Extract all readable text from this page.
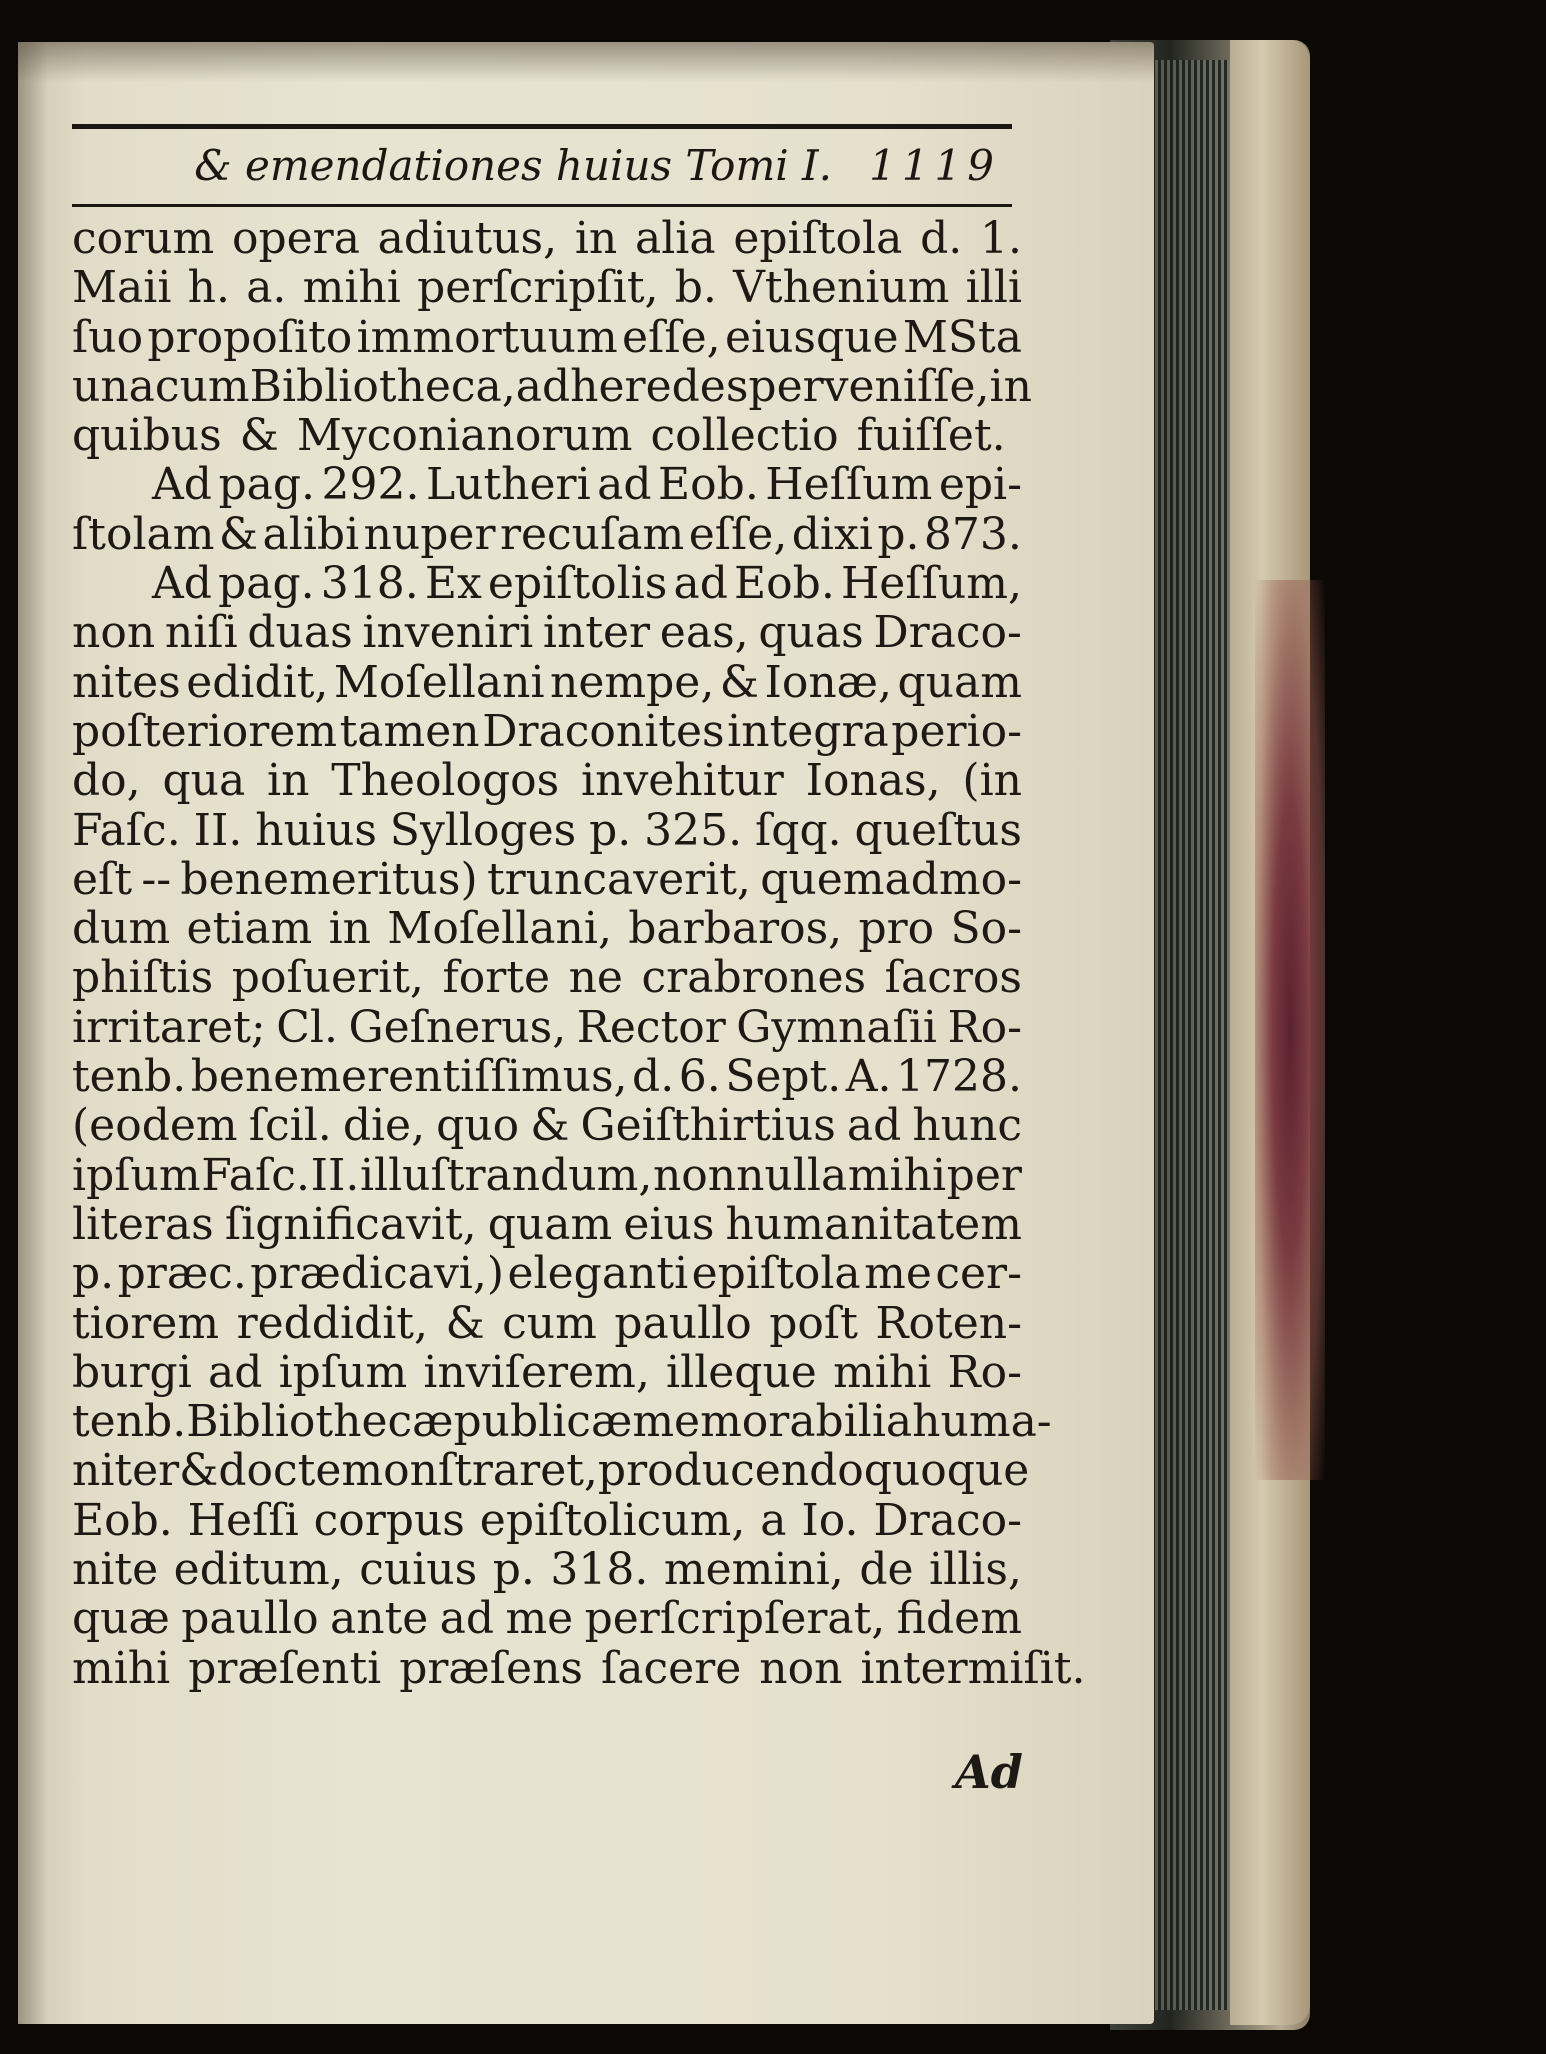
& emendationes huius Tomi I. 1119
corum opera adiutus, in alia epiſtola d. 1.
Maii h. a. mihi perſcripſit, b. Vthenium illi
ſuo propoſito immortuum eſſe, eiusque MSta
una cum Bibliotheca, ad heredes perveniſſe, in
quibus & Myconianorum collectio fuiſſet.
Ad pag. 292. Lutheri ad Eob. Heſſum epi-
ſtolam & alibi nuper recuſam eſſe, dixi p. 873.
Ad pag. 318. Ex epiſtolis ad Eob. Heſſum,
non niſi duas inveniri inter eas, quas Draco-
nites edidit, Moſellani nempe, & Ionæ, quam
poſteriorem tamen Draconites integra perio-
do, qua in Theologos invehitur Ionas, (in
Faſc. II. huius Sylloges p. 325. ſqq. queſtus
eſt -- benemeritus) truncaverit, quemadmo-
dum etiam in Moſellani, barbaros, pro So-
phiſtis poſuerit, forte ne crabrones ſacros
irritaret; Cl. Geſnerus, Rector Gymnaſii Ro-
tenb. benemerentiſſimus, d. 6. Sept. A. 1728.
(eodem ſcil. die, quo & Geiſthirtius ad hunc
ipſum Faſc. II. illuſtrandum, nonnulla mihi per
literas ſignificavit, quam eius humanitatem
p. præc. prædicavi,) eleganti epiſtola me cer-
tiorem reddidit, & cum paullo poſt Roten-
burgi ad ipſum inviſerem, illeque mihi Ro-
tenb. Bibliothecæ publicæ memorabilia huma-
niter & docte monſtraret, producendo quoque
Eob. Heſſi corpus epiſtolicum, a Io. Draco-
nite editum, cuius p. 318. memini, de illis,
quæ paullo ante ad me perſcripſerat, fidem
mihi præſenti præſens ſacere non intermiſit.
Ad
